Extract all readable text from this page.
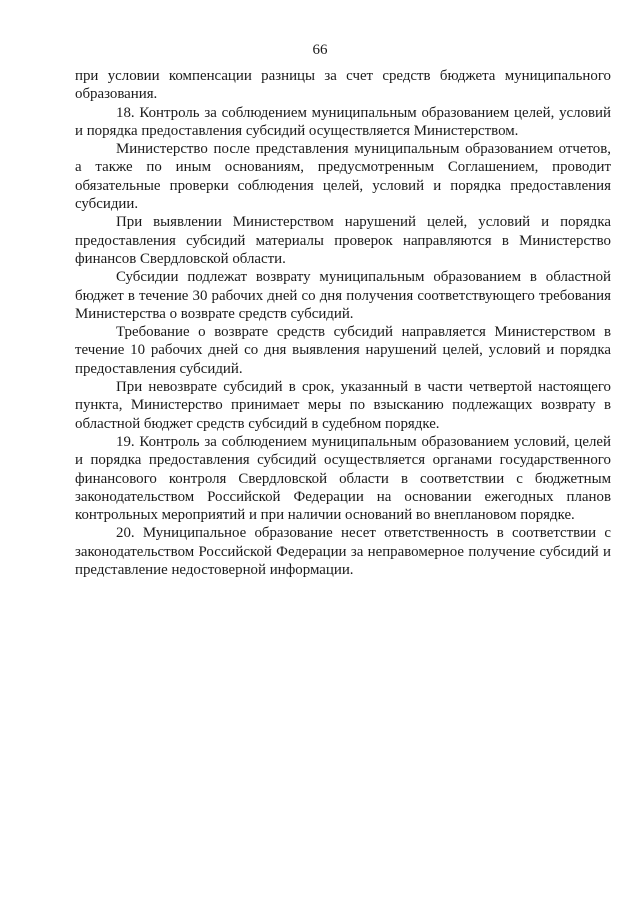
66

при условии компенсации разницы за счет средств бюджета муниципального образования.

18. Контроль за соблюдением муниципальным образованием целей, условий и порядка предоставления субсидий осуществляется Министерством.

Министерство после представления муниципальным образованием отчетов, а также по иным основаниям, предусмотренным Соглашением, проводит обязательные проверки соблюдения целей, условий и порядка предоставления субсидии.

При выявлении Министерством нарушений целей, условий и порядка предоставления субсидий материалы проверок направляются в Министерство финансов Свердловской области.

Субсидии подлежат возврату муниципальным образованием в областной бюджет в течение 30 рабочих дней со дня получения соответствующего требования Министерства о возврате средств субсидий.

Требование о возврате средств субсидий направляется Министерством в течение 10 рабочих дней со дня выявления нарушений целей, условий и порядка предоставления субсидий.

При невозврате субсидий в срок, указанный в части четвертой настоящего пункта, Министерство принимает меры по взысканию подлежащих возврату в областной бюджет средств субсидий в судебном порядке.

19. Контроль за соблюдением муниципальным образованием условий, целей и порядка предоставления субсидий осуществляется органами государственного финансового контроля Свердловской области в соответствии с бюджетным законодательством Российской Федерации на основании ежегодных планов контрольных мероприятий и при наличии оснований во внеплановом порядке.

20. Муниципальное образование несет ответственность в соответствии с законодательством Российской Федерации за неправомерное получение субсидий и представление недостоверной информации.
